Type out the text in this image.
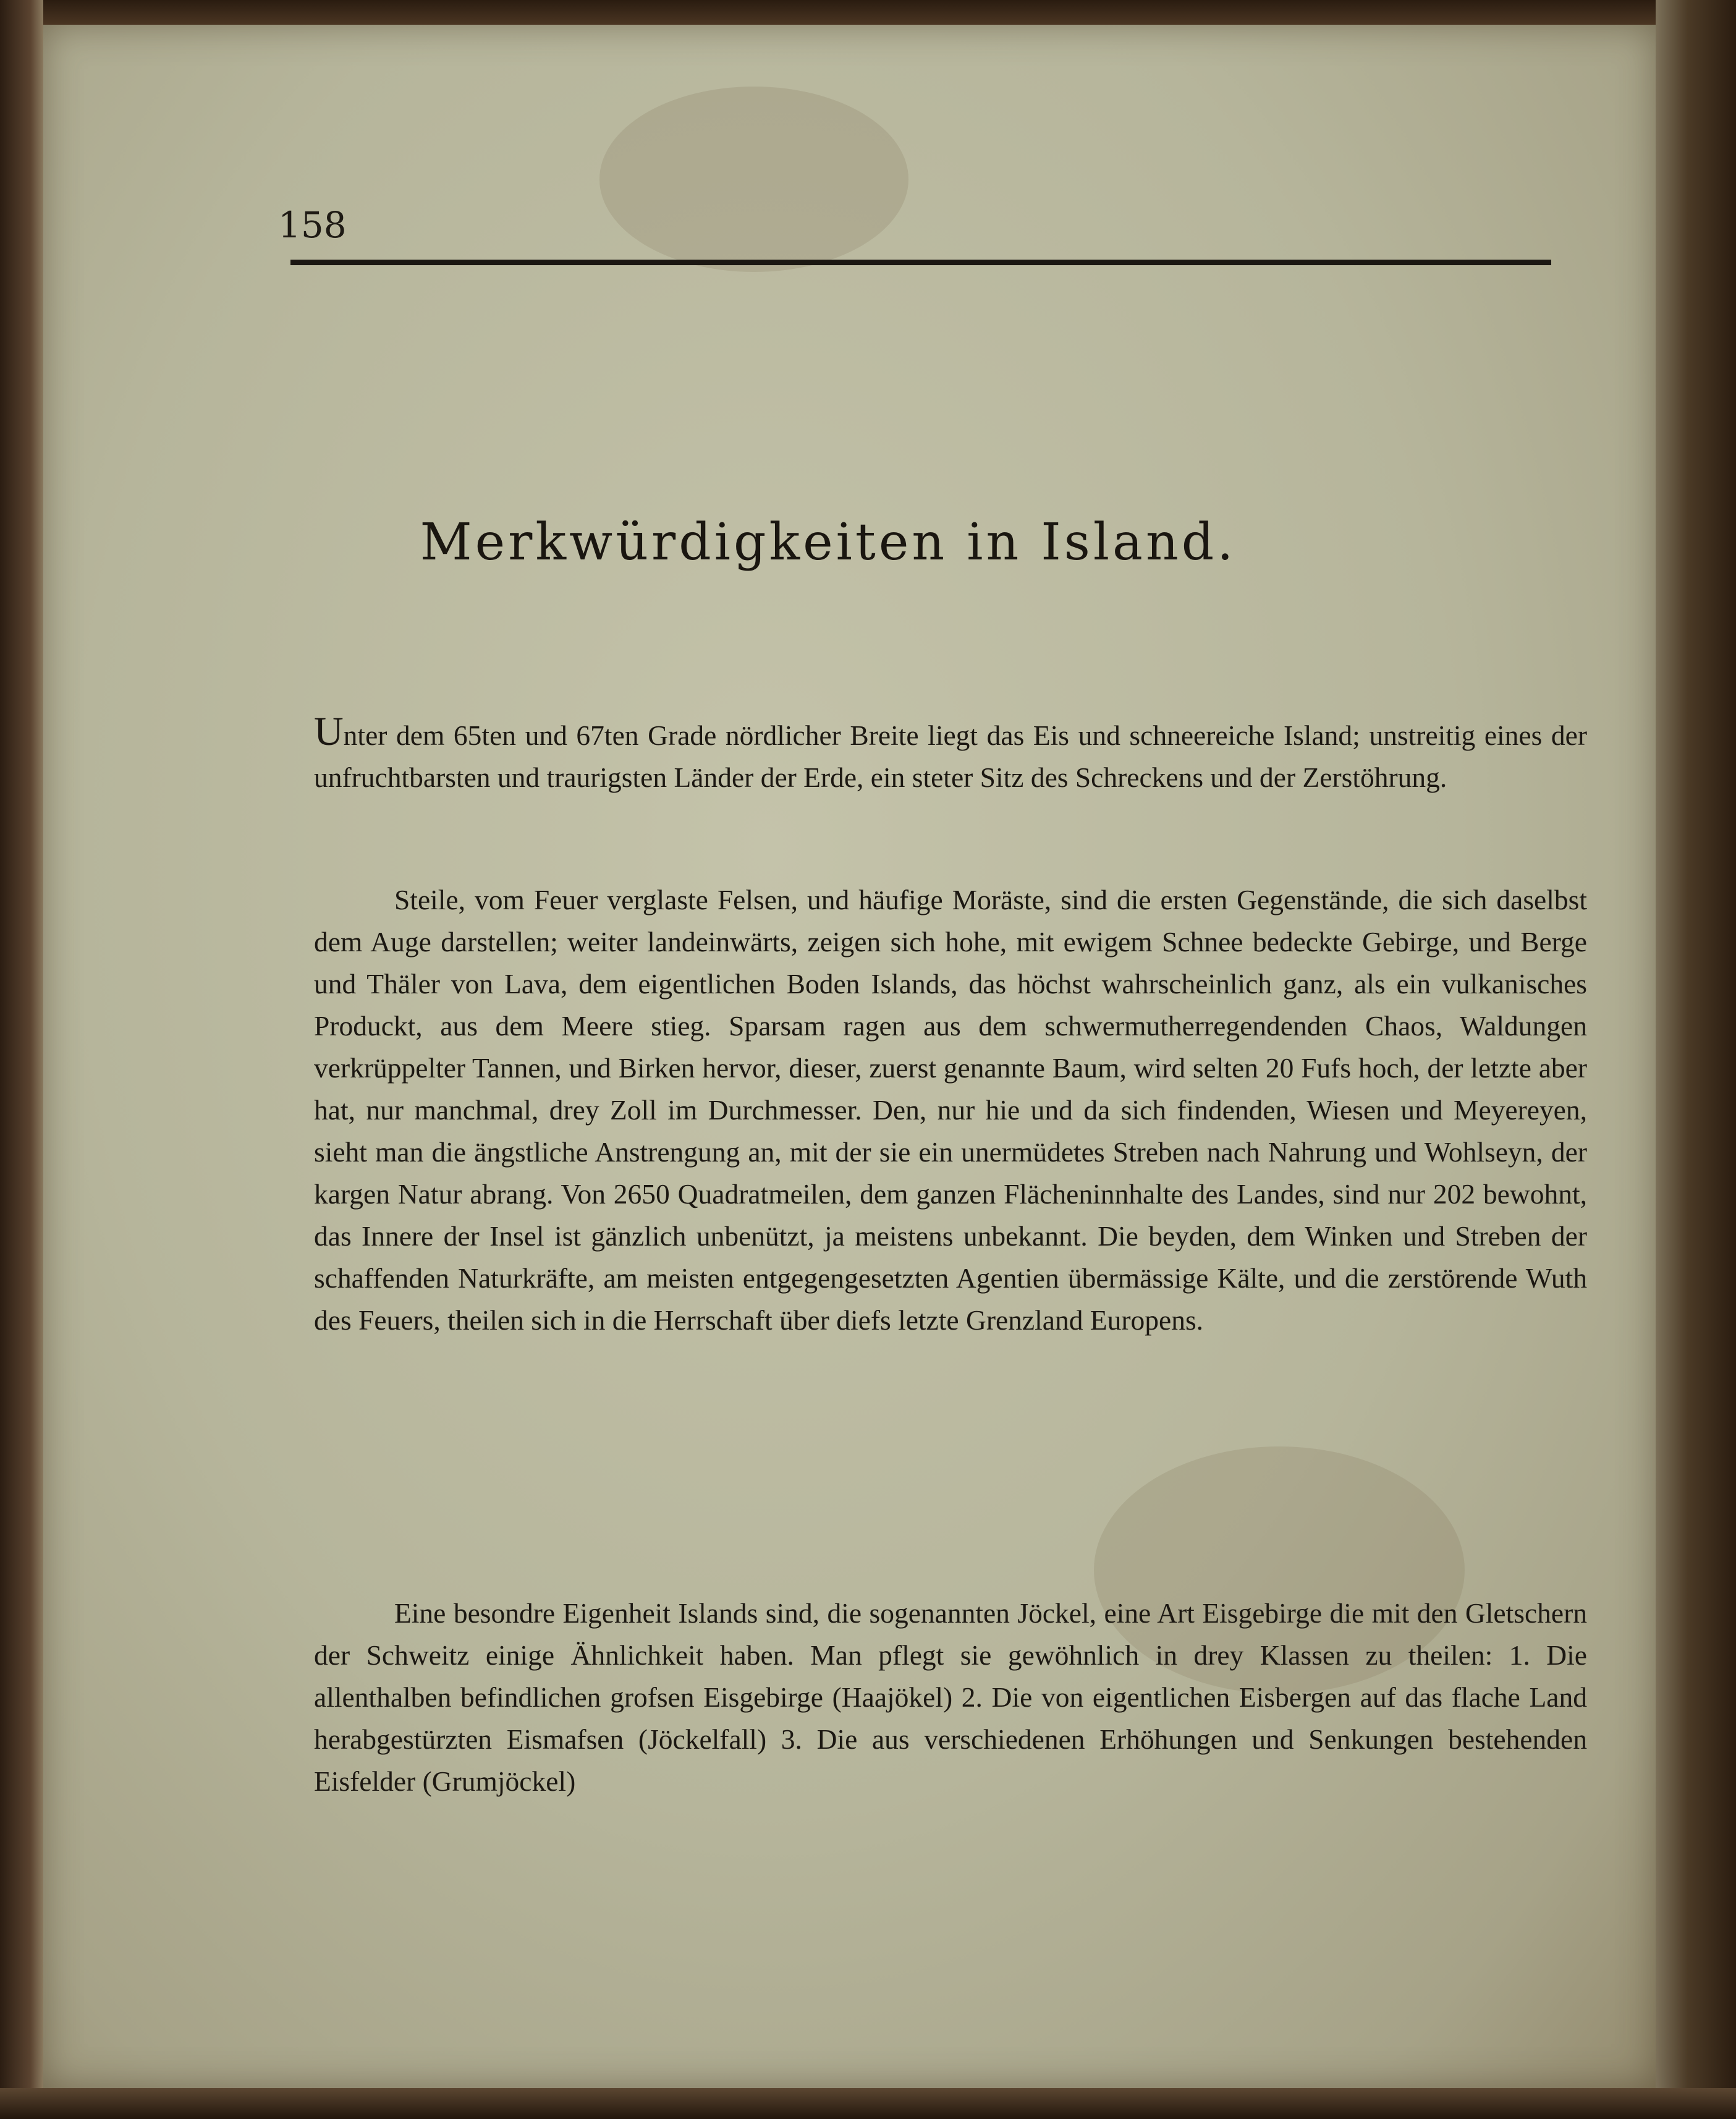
158
Merkwürdigkeiten in Island.

Unter dem 65ten und 67ten Grade nördlicher Breite liegt das Eis und schneereiche Island; unstreitig eines der unfruchtbarsten und traurigsten Länder der Erde, ein steter Sitz des Schreckens und der Zerstöhrung.

Steile, vom Feuer verglaste Felsen, und häufige Moräste, sind die ersten Gegenstände, die sich daselbst dem Auge darstellen; weiter landeinwärts, zeigen sich hohe, mit ewigem Schnee bedeckte Gebirge, und Berge und Thäler von Lava, dem eigentlichen Boden Islands, das höchst wahrscheinlich ganz, als ein vulkanisches Produckt, aus dem Meere stieg. Sparsam ragen aus dem schwermutherregendenden Chaos, Waldungen verkrüppelter Tannen, und Birken hervor, dieser, zuerst genannte Baum, wird selten 20 Fufs hoch, der letzte aber hat, nur manchmal, drey Zoll im Durchmesser. Den, nur hie und da sich findenden, Wiesen und Meyereyen, sieht man die ängstliche Anstrengung an, mit der sie ein unermüdetes Streben nach Nahrung und Wohlseyn, der kargen Natur abrang. Von 2650 Quadratmeilen, dem ganzen Flächeninnhalte des Landes, sind nur 202 bewohnt, das Innere der Insel ist gänzlich unbenützt, ja meistens unbekannt. Die beyden, dem Winken und Streben der schaffenden Naturkräfte, am meisten entgegengesetzten Agentien übermässige Kälte, und die zerstörende Wuth des Feuers, theilen sich in die Herrschaft über diefs letzte Grenzland Europens.

Eine besondre Eigenheit Islands sind, die sogenannten Jöckel, eine Art Eisgebirge die mit den Gletschern der Schweitz einige Ähnlichkeit haben. Man pflegt sie gewöhnlich in drey Klassen zu theilen: 1. Die allenthalben befindlichen grofsen Eisgebirge (Haajökel) 2. Die von eigentlichen Eisbergen auf das flache Land herabgestürzten Eismafsen (Jöckelfall) 3. Die aus verschiedenen Erhöhungen und Senkungen bestehenden Eisfelder (Grumjöckel)
